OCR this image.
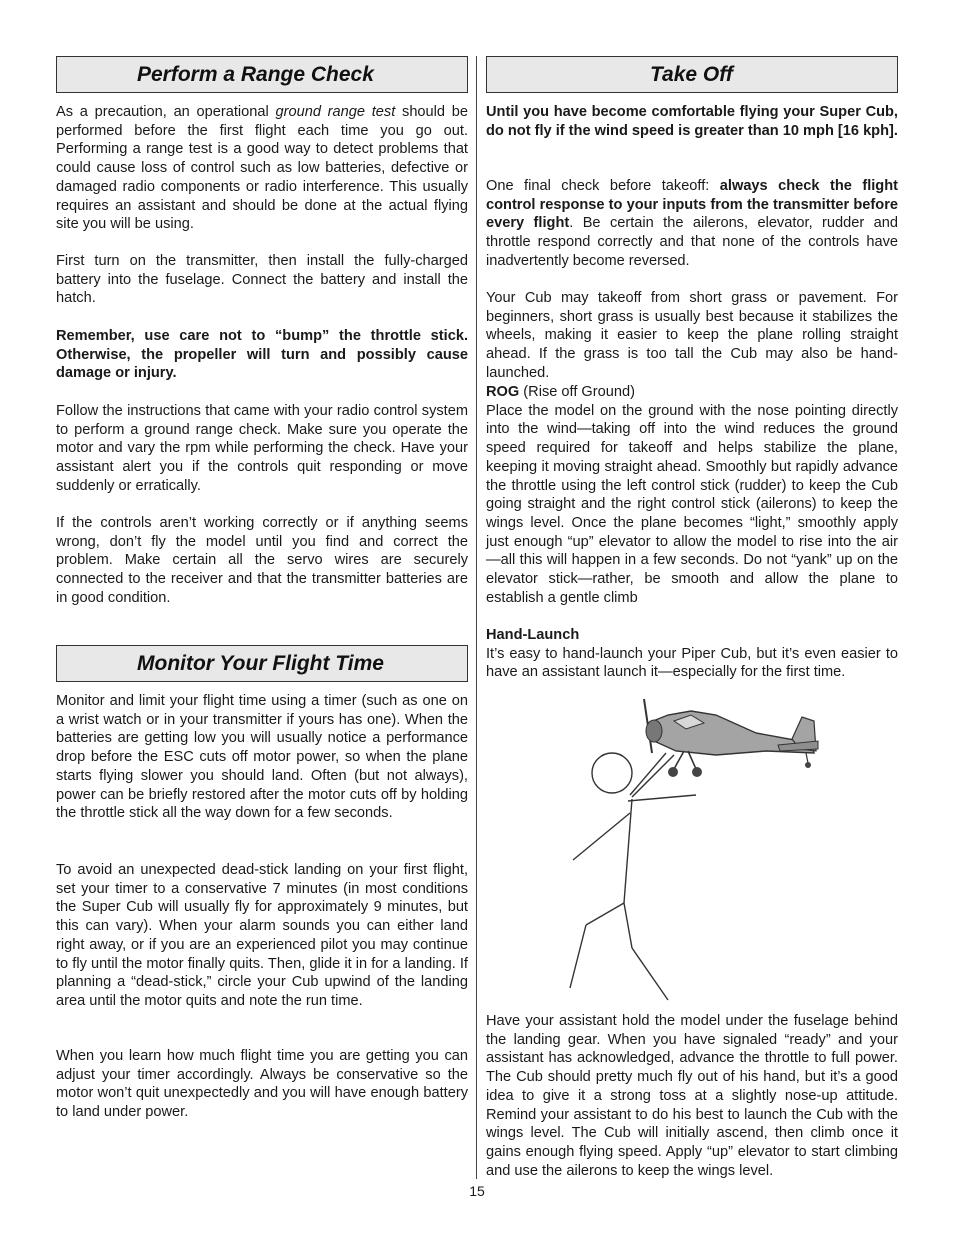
Perform a Range Check

As a precaution, an operational ground range test should be performed before the first flight each time you go out. Performing a range test is a good way to detect problems that could cause loss of control such as low batteries, defective or damaged radio components or radio interference. This usually requires an assistant and should be done at the actual flying site you will be using.

First turn on the transmitter, then install the fully-charged battery into the fuselage. Connect the battery and install the hatch.

Remember, use care not to “bump” the throttle stick. Otherwise, the propeller will turn and possibly cause damage or injury.

Follow the instructions that came with your radio control system to perform a ground range check. Make sure you operate the motor and vary the rpm while performing the check. Have your assistant alert you if the controls quit responding or move suddenly or erratically.

If the controls aren’t working correctly or if anything seems wrong, don’t fly the model until you find and correct the problem. Make certain all the servo wires are securely connected to the receiver and that the transmitter batteries are in good condition.

Monitor Your Flight Time

Monitor and limit your flight time using a timer (such as one on a wrist watch or in your transmitter if yours has one). When the batteries are getting low you will usually notice a performance drop before the ESC cuts off motor power, so when the plane starts flying slower you should land. Often (but not always), power can be briefly restored after the motor cuts off by holding the throttle stick all the way down for a few seconds.

To avoid an unexpected dead-stick landing on your first flight, set your timer to a conservative 7 minutes (in most conditions the Super Cub will usually fly for approximately 9 minutes, but this can vary). When your alarm sounds you can either land right away, or if you are an experienced pilot you may continue to fly until the motor finally quits. Then, glide it in for a landing. If planning a “dead-stick,” circle your Cub upwind of the landing area until the motor quits and note the run time.

When you learn how much flight time you are getting you can adjust your timer accordingly. Always be conservative so the motor won’t quit unexpectedly and you will have enough battery to land under power.

Take Off

Until you have become comfortable flying your Super Cub, do not fly if the wind speed is greater than 10 mph [16 kph].

One final check before takeoff: always check the flight control response to your inputs from the transmitter before every flight. Be certain the ailerons, elevator, rudder and throttle respond correctly and that none of the controls have inadvertently become reversed.

Your Cub may takeoff from short grass or pavement. For beginners, short grass is usually best because it stabilizes the wheels, making it easier to keep the plane rolling straight ahead. If the grass is too tall the Cub may also be hand-launched.

ROG (Rise off Ground)

Place the model on the ground with the nose pointing directly into the wind—taking off into the wind reduces the ground speed required for takeoff and helps stabilize the plane, keeping it moving straight ahead. Smoothly but rapidly advance the throttle using the left control stick (rudder) to keep the Cub going straight and the right control stick (ailerons) to keep the wings level. Once the plane becomes “light,” smoothly apply just enough “up” elevator to allow the model to rise into the air—all this will happen in a few seconds. Do not “yank” up on the elevator stick—rather, be smooth and allow the plane to establish a gentle climb

Hand-Launch

It’s easy to hand-launch your Piper Cub, but it’s even easier to have an assistant launch it—especially for the first time.

Have your assistant hold the model under the fuselage behind the landing gear. When you have signaled “ready” and your assistant has acknowledged, advance the throttle to full power. The Cub should pretty much fly out of his hand, but it’s a good idea to give it a strong toss at a slightly nose-up attitude. Remind your assistant to do his best to launch the Cub with the wings level. The Cub will initially ascend, then climb once it gains enough flying speed. Apply “up” elevator to start climbing and use the ailerons to keep the wings level.

15
